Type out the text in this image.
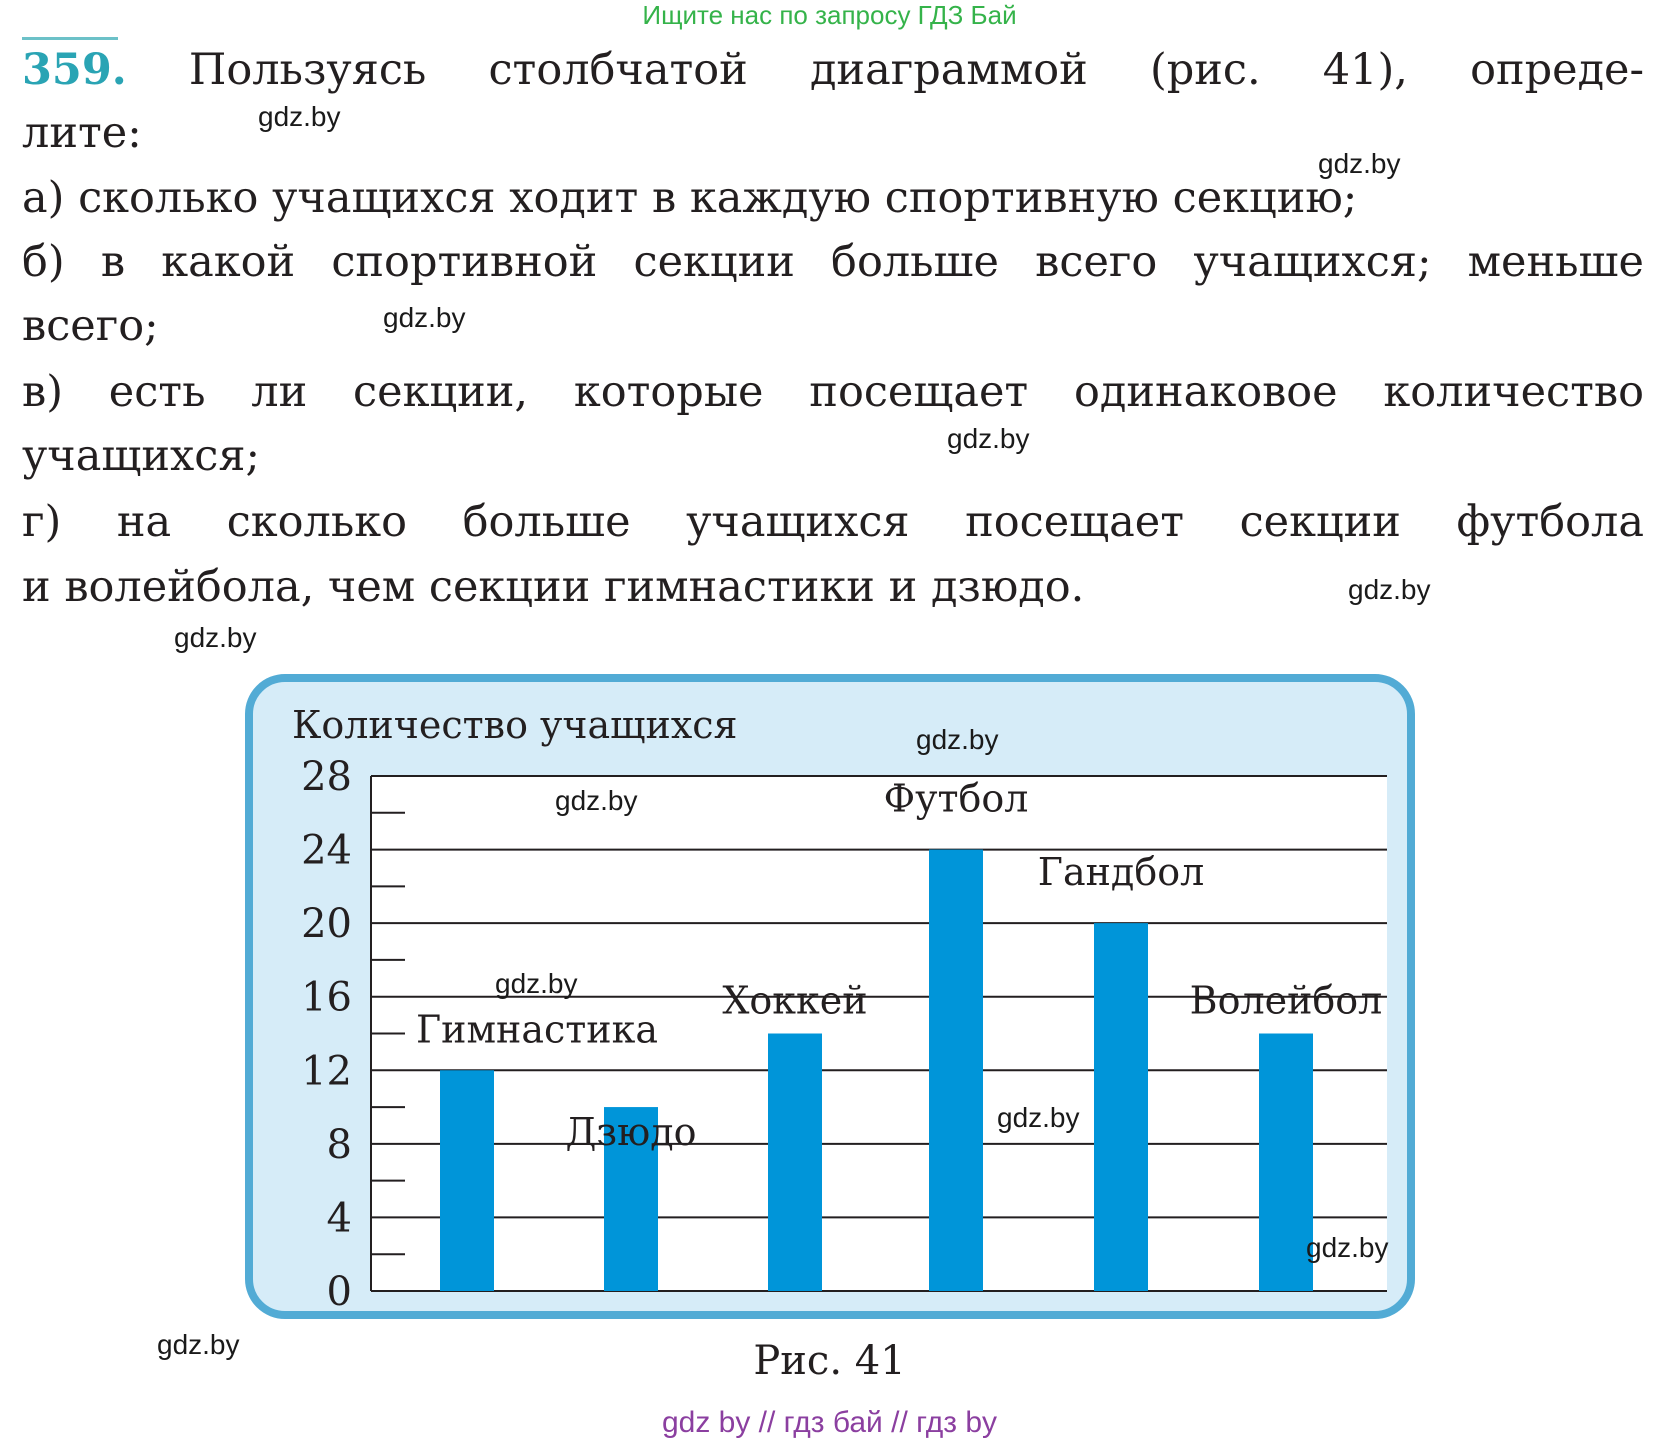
Ищите нас по запросу ГДЗ Бай
359. Пользуясь столбчатой диаграммой (рис. 41), опреде-
лите:
а) сколько учащихся ходит в каждую спортивную секцию;
б) в какой спортивной секции больше всего учащихся; меньше
всего;
в) есть ли секции, которые посещает одинаковое количество
учащихся;
г) на сколько больше учащихся посещает секции футбола
и волейбола, чем секции гимнастики и дзюдо.
gdz.by
gdz.by
gdz.by
gdz.by
gdz.by
gdz.by
gdz.by
Количество учащихся
0
4
8
12
16
20
24
28
Гимнастика
Дзюдо
Хоккей
Футбол
Гандбол
Волейбол
gdz.by
gdz.by
gdz.by
gdz.by
gdz.by
Рис. 41
gdz by // гдз бай // гдз by
